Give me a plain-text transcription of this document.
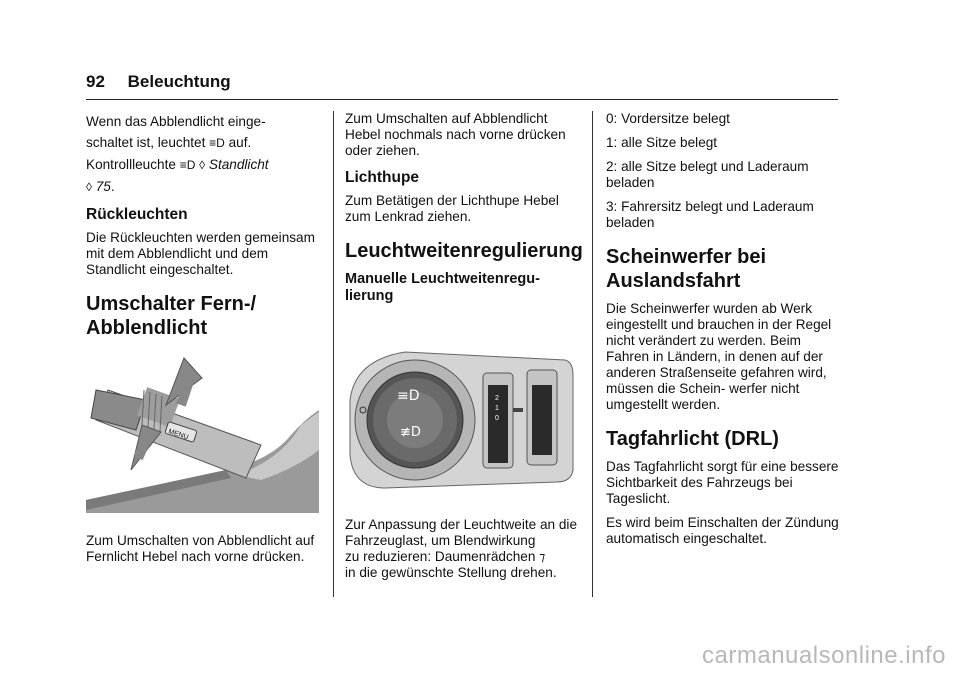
92 Beleuchtung

Wenn das Abblendlicht einge-
schaltet ist, leuchtet ≡D auf.
Kontrollleuchte ≡D ◊ Standlicht
◊ 75.

Rückleuchten

Die Rückleuchten werden gemeinsam mit dem Abblendlicht und dem Standlicht eingeschaltet.

Umschalter Fern-/ Abblendlicht
MENU

Zum Umschalten von Abblendlicht auf Fernlicht Hebel nach vorne drücken.

Zum Umschalten auf Abblendlicht Hebel nochmals nach vorne drücken oder ziehen.

Lichthupe

Zum Betätigen der Lichthupe Hebel zum Lenkrad ziehen.

Leuchtweitenregulierung
Manuelle Leuchtweitenregu- lierung
≡D
≢D
2
1
0

Zur Anpassung der Leuchtweite an die Fahrzeuglast, um Blendwirkung
zu reduzieren: Daumenrädchen ⁊
in die gewünschte Stellung drehen.

0: Vordersitze belegt

1: alle Sitze belegt

2: alle Sitze belegt und Laderaum beladen

3: Fahrersitz belegt und Laderaum beladen

Scheinwerfer bei Auslandsfahrt

Die Scheinwerfer wurden ab Werk eingestellt und brauchen in der Regel nicht verändert zu werden. Beim Fahren in Ländern, in denen auf der anderen Straßenseite gefahren wird, müssen die Schein- werfer nicht umgestellt werden.

Tagfahrlicht (DRL)

Das Tagfahrlicht sorgt für eine bessere Sichtbarkeit des Fahrzeugs bei Tageslicht.

Es wird beim Einschalten der Zündung automatisch eingeschaltet.

carmanualsonline.info
